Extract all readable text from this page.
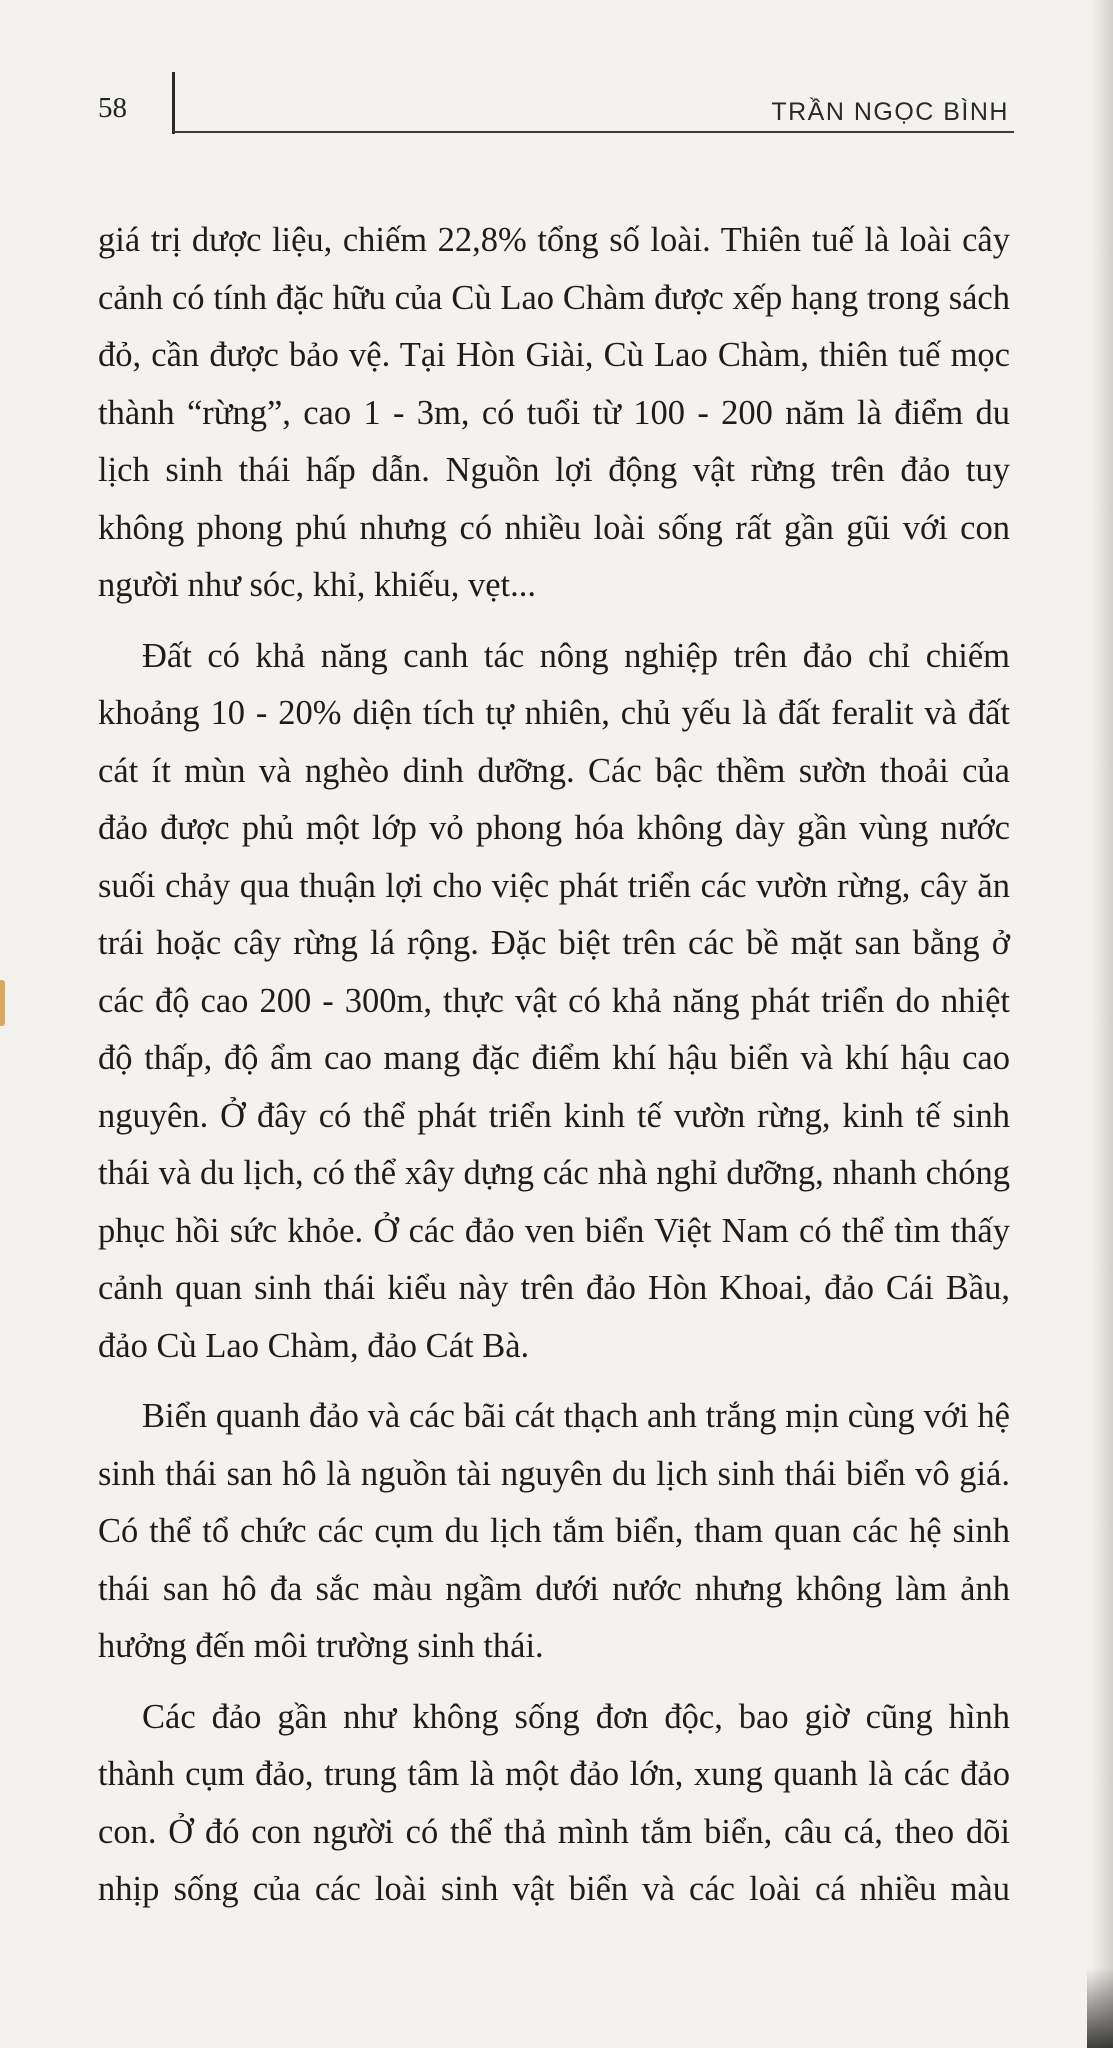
58	TRẦN NGỌC BÌNH

giá trị dược liệu, chiếm 22,8% tổng số loài. Thiên tuế là loài cây cảnh có tính đặc hữu của Cù Lao Chàm được xếp hạng trong sách đỏ, cần được bảo vệ. Tại Hòn Giài, Cù Lao Chàm, thiên tuế mọc thành “rừng”, cao 1 - 3m, có tuổi từ 100 - 200 năm là điểm du lịch sinh thái hấp dẫn. Nguồn lợi động vật rừng trên đảo tuy không phong phú nhưng có nhiều loài sống rất gần gũi với con người như sóc, khỉ, khiếu, vẹt...

Đất có khả năng canh tác nông nghiệp trên đảo chỉ chiếm khoảng 10 - 20% diện tích tự nhiên, chủ yếu là đất feralit và đất cát ít mùn và nghèo dinh dưỡng. Các bậc thềm sườn thoải của đảo được phủ một lớp vỏ phong hóa không dày gần vùng nước suối chảy qua thuận lợi cho việc phát triển các vườn rừng, cây ăn trái hoặc cây rừng lá rộng. Đặc biệt trên các bề mặt san bằng ở các độ cao 200 - 300m, thực vật có khả năng phát triển do nhiệt độ thấp, độ ẩm cao mang đặc điểm khí hậu biển và khí hậu cao nguyên. Ở đây có thể phát triển kinh tế vườn rừng, kinh tế sinh thái và du lịch, có thể xây dựng các nhà nghỉ dưỡng, nhanh chóng phục hồi sức khỏe. Ở các đảo ven biển Việt Nam có thể tìm thấy cảnh quan sinh thái kiểu này trên đảo Hòn Khoai, đảo Cái Bầu, đảo Cù Lao Chàm, đảo Cát Bà.

Biển quanh đảo và các bãi cát thạch anh trắng mịn cùng với hệ sinh thái san hô là nguồn tài nguyên du lịch sinh thái biển vô giá. Có thể tổ chức các cụm du lịch tắm biển, tham quan các hệ sinh thái san hô đa sắc màu ngầm dưới nước nhưng không làm ảnh hưởng đến môi trường sinh thái.

Các đảo gần như không sống đơn độc, bao giờ cũng hình thành cụm đảo, trung tâm là một đảo lớn, xung quanh là các đảo con. Ở đó con người có thể thả mình tắm biển, câu cá, theo dõi nhịp sống của các loài sinh vật biển và các loài cá nhiều màu
